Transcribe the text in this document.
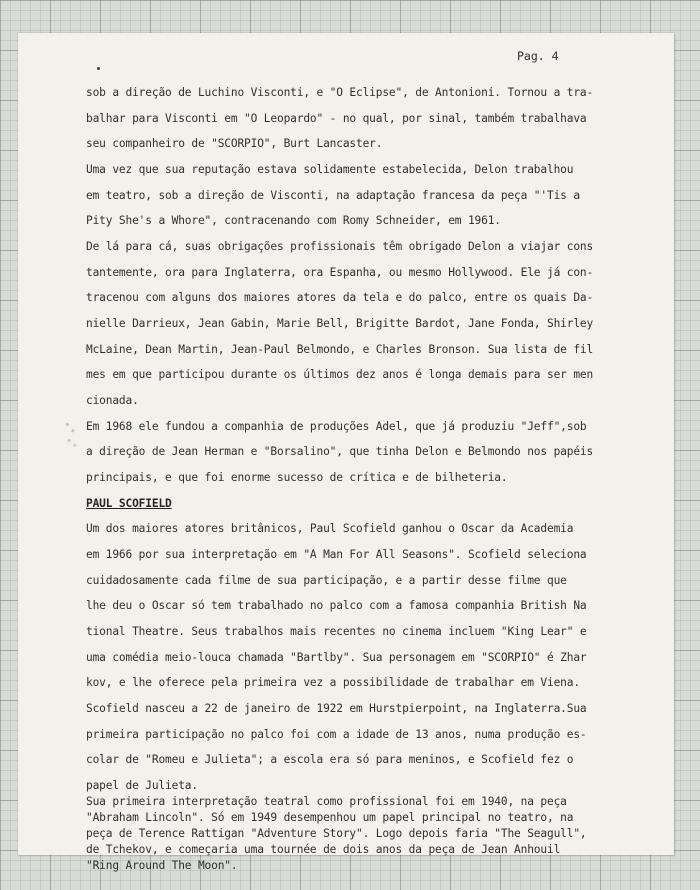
Pag. 4
sob a direção de Luchino Visconti, e "O Eclipse", de Antonioni. Tornou a tra-
balhar para Visconti em "O Leopardo" - no qual, por sinal, também trabalhava
seu companheiro de "SCORPIO", Burt Lancaster.
Uma vez que sua reputação estava solidamente estabelecida, Delon trabalhou
em teatro, sob a direção de Visconti, na adaptação francesa da peça "'Tis a
Pity She's a Whore", contracenando com Romy Schneider, em 1961.
De lá para cá, suas obrigações profissionais têm obrigado Delon a viajar cons
tantemente, ora para Inglaterra, ora Espanha, ou mesmo Hollywood. Ele já con-
tracenou com alguns dos maiores atores da tela e do palco, entre os quais Da-
nielle Darrieux, Jean Gabin, Marie Bell, Brigitte Bardot, Jane Fonda, Shirley
McLaine, Dean Martin, Jean-Paul Belmondo, e Charles Bronson. Sua lista de fil
mes em que participou durante os últimos dez anos é longa demais para ser men
cionada.
Em 1968 ele fundou a companhia de produções Adel, que já produziu "Jeff",sob
a direção de Jean Herman e "Borsalino", que tinha Delon e Belmondo nos papéis
principais, e que foi enorme sucesso de crítica e de bilheteria.
PAUL SCOFIELD
Um dos maiores atores britânicos, Paul Scofield ganhou o Oscar da Academia
em 1966 por sua interpretação em "A Man For All Seasons". Scofield seleciona
cuidadosamente cada filme de sua participação, e a partir desse filme que
lhe deu o Oscar só tem trabalhado no palco com a famosa companhia British Na
tional Theatre. Seus trabalhos mais recentes no cinema incluem "King Lear" e
uma comédia meio-louca chamada "Bartlby". Sua personagem em "SCORPIO" é Zhar
kov, e lhe oferece pela primeira vez a possibilidade de trabalhar em Viena.
Scofield nasceu a 22 de janeiro de 1922 em Hurstpierpoint, na Inglaterra.Sua
primeira participação no palco foi com a idade de 13 anos, numa produção es-
colar de "Romeu e Julieta"; a escola era só para meninos, e Scofield fez o
papel de Julieta.
Sua primeira interpretação teatral como profissional foi em 1940, na peça
"Abraham Lincoln". Só em 1949 desempenhou um papel principal no teatro, na
peça de Terence Rattigan "Adventure Story". Logo depois faria "The Seagull",
de Tchekov, e começaria uma tournée de dois anos da peça de Jean Anhouil
"Ring Around The Moon".
